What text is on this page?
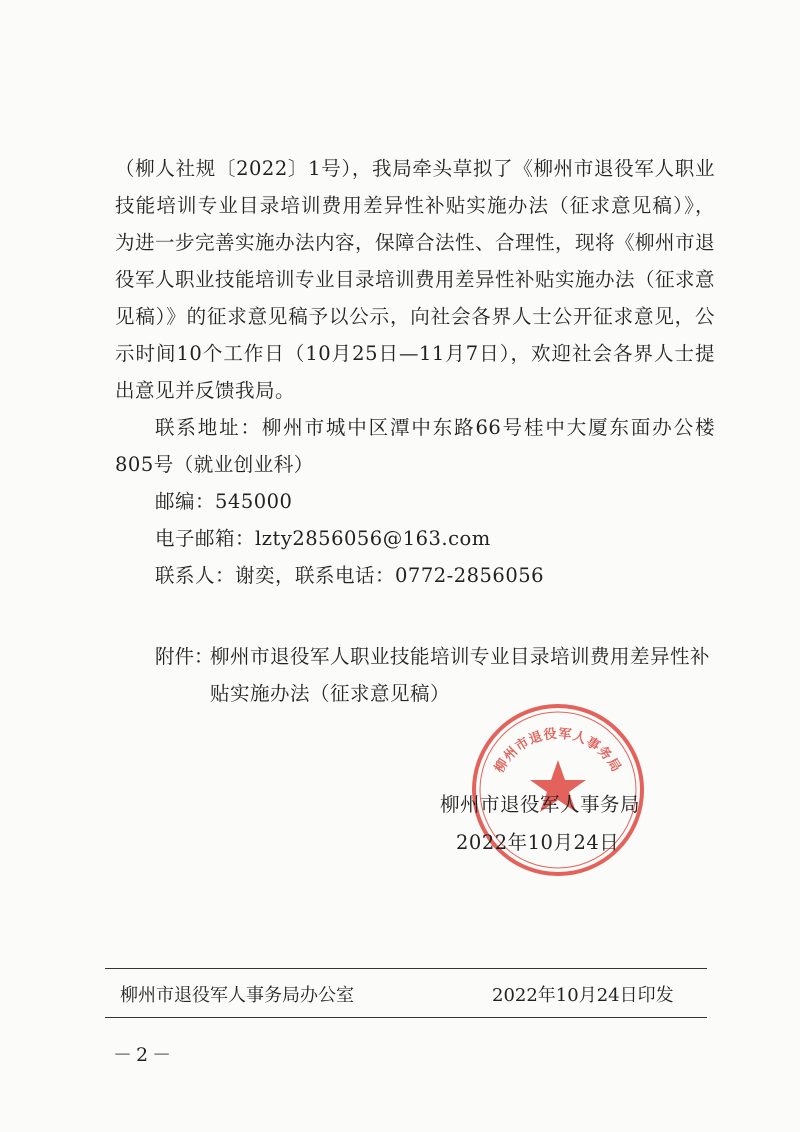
（柳人社规〔2022〕1号），我局牵头草拟了《柳州市退役军人职业技能培训专业目录培训费用差异性补贴实施办法（征求意见稿）》，为进一步完善实施办法内容，保障合法性、合理性，现将《柳州市退役军人职业技能培训专业目录培训费用差异性补贴实施办法（征求意见稿）》的征求意见稿予以公示，向社会各界人士公开征求意见，公示时间10个工作日（10月25日—11月7日），欢迎社会各界人士提出意见并反馈我局。

联系地址：柳州市城中区潭中东路66号桂中大厦东面办公楼805号（就业创业科）

邮编：545000

电子邮箱：lzty2856056@163.com

联系人：谢奕，联系电话：0772-2856056

附件：

柳州市退役军人职业技能培训专业目录培训费用差异性补贴实施办法（征求意见稿）

柳州市退役军人事务局
柳州市退役军人事务局
2022年10月24日
柳州市退役军人事务局办公室	2022年10月24日印发
－2－
